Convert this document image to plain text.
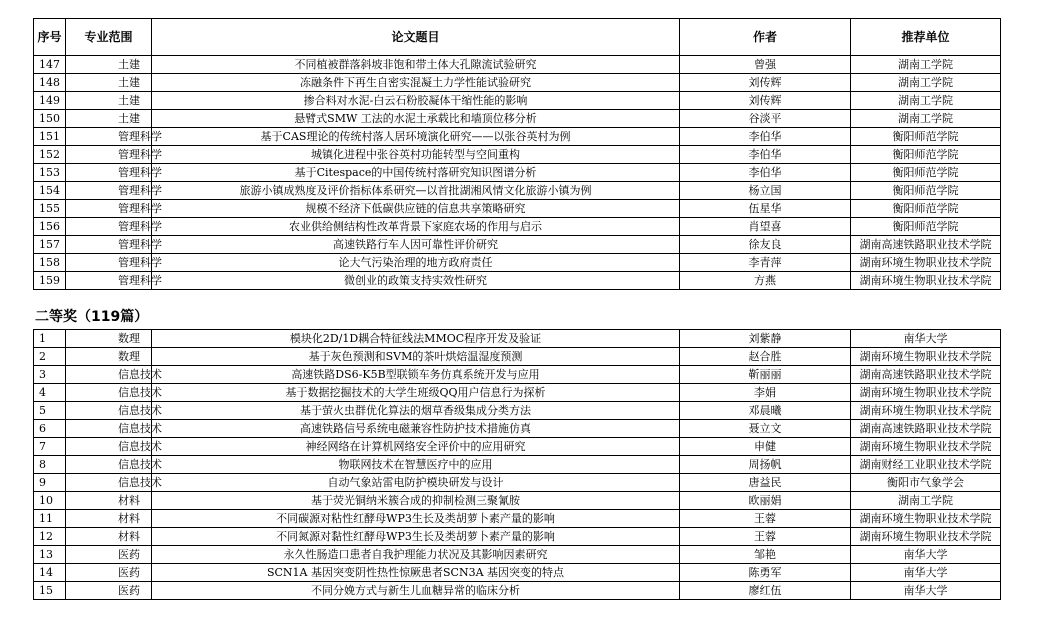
序号	专业范围	论文题目	作者	推荐单位
147	土建	不同植被群落斜坡非饱和带土体大孔隙流试验研究	曾强	湖南工学院
148	土建	冻融条件下再生自密实混凝土力学性能试验研究	刘传辉	湖南工学院
149	土建	掺合料对水泥-白云石粉胶凝体干缩性能的影响	刘传辉	湖南工学院
150	土建	悬臂式SMW 工法的水泥土承载比和墙顶位移分析	谷淡平	湖南工学院
151	管理科学	基于CAS理论的传统村落人居环境演化研究——以张谷英村为例	李伯华	衡阳师范学院
152	管理科学	城镇化进程中张谷英村功能转型与空间重构	李伯华	衡阳师范学院
153	管理科学	基于Citespace的中国传统村落研究知识图谱分析	李伯华	衡阳师范学院
154	管理科学	旅游小镇成熟度及评价指标体系研究—以首批湖湘风情文化旅游小镇为例	杨立国	衡阳师范学院
155	管理科学	规模不经济下低碳供应链的信息共享策略研究	伍星华	衡阳师范学院
156	管理科学	农业供给侧结构性改革背景下家庭农场的作用与启示	肖望喜	衡阳师范学院
157	管理科学	高速铁路行车人因可靠性评价研究	徐友良	湖南高速铁路职业技术学院
158	管理科学	论大气污染治理的地方政府责任	李青萍	湖南环境生物职业技术学院
159	管理科学	微创业的政策支持实效性研究	方燕	湖南环境生物职业技术学院
二等奖（119篇）
1	数理	模块化2D/1D耦合特征线法MMOC程序开发及验证	刘紫静	南华大学
2	数理	基于灰色预测和SVM的茶叶烘焙温湿度预测	赵合胜	湖南环境生物职业技术学院
3	信息技术	高速铁路DS6-K5B型联锁车务仿真系统开发与应用	靳丽丽	湖南高速铁路职业技术学院
4	信息技术	基于数据挖掘技术的大学生班级QQ用户信息行为探析	李娟	湖南环境生物职业技术学院
5	信息技术	基于萤火虫群优化算法的烟草香级集成分类方法	邓晨曦	湖南环境生物职业技术学院
6	信息技术	高速铁路信号系统电磁兼容性防护技术措施仿真	聂立文	湖南高速铁路职业技术学院
7	信息技术	神经网络在计算机网络安全评价中的应用研究	申健	湖南环境生物职业技术学院
8	信息技术	物联网技术在智慧医疗中的应用	周扬帆	湖南财经工业职业技术学院
9	信息技术	自动气象站雷电防护模块研发与设计	唐益民	衡阳市气象学会
10	材料	基于荧光铜纳米簇合成的抑制检测三聚氰胺	欧丽娟	湖南工学院
11	材料	不同碳源对粘性红酵母WP3生长及类胡萝卜素产量的影响	王蓉	湖南环境生物职业技术学院
12	材料	不同氮源对黏性红酵母WP3生长及类胡萝卜素产量的影响	王蓉	湖南环境生物职业技术学院
13	医药	永久性肠造口患者自我护理能力状况及其影响因素研究	邹艳	南华大学
14	医药	SCN1A 基因突变阴性热性惊厥患者SCN3A 基因突变的特点	陈勇军	南华大学
15	医药	不同分娩方式与新生儿血糖异常的临床分析	廖红伍	南华大学
